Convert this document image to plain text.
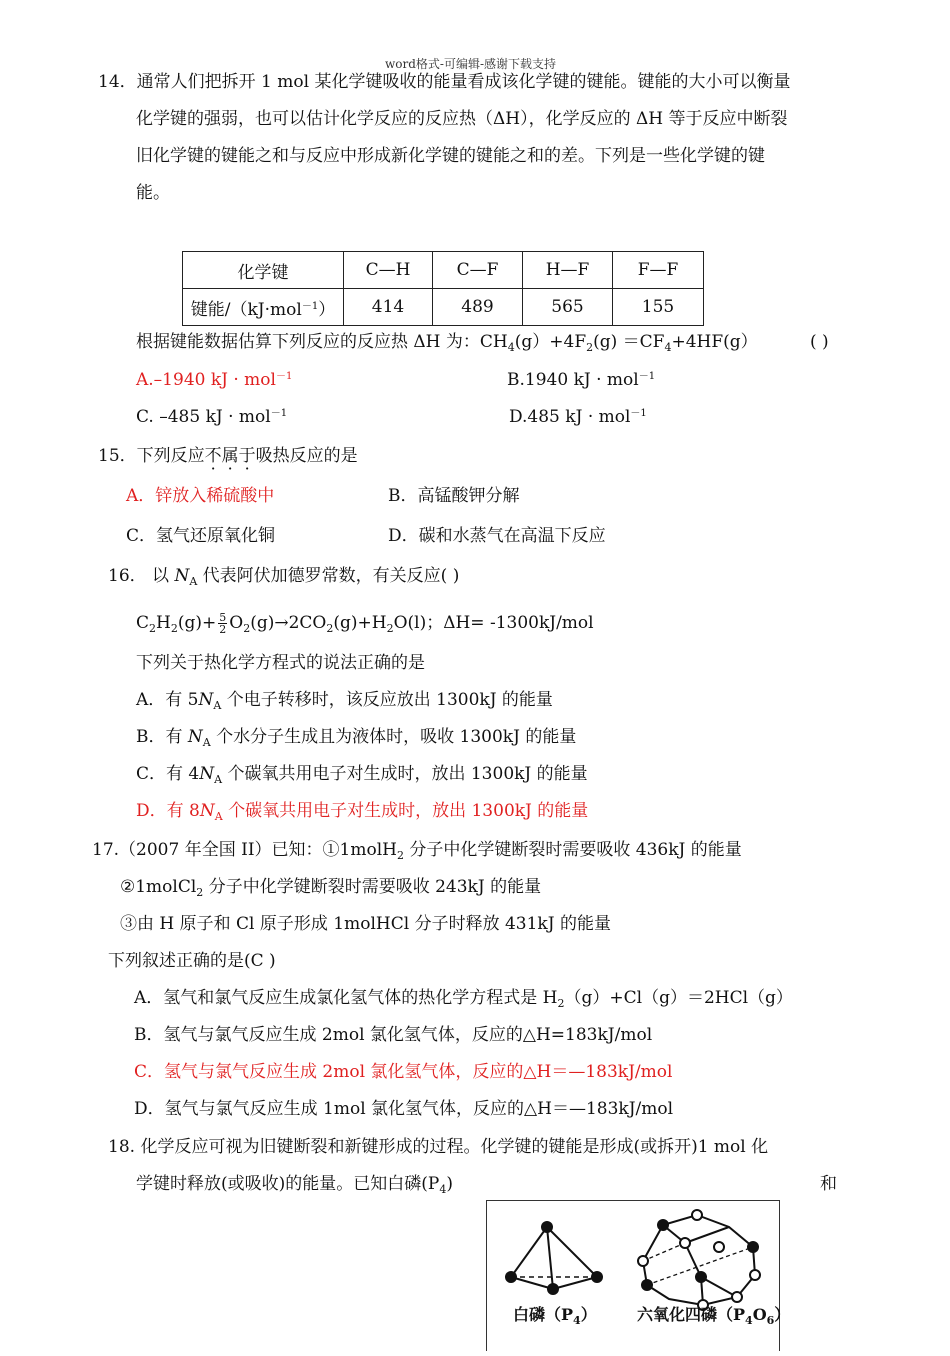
word格式-可编辑-感谢下载支持
14．通常人们把拆开 1 mol 某化学键吸收的能量看成该化学键的键能。键能的大小可以衡量
化学键的强弱，也可以估计化学反应的反应热（ΔH），化学反应的 ΔH 等于反应中断裂
旧化学键的键能之和与反应中形成新化学键的键能之和的差。下列是一些化学键的键
能。
化学键	C—H	C—F	H—F	F—F
键能/（kJ·mol$^{-1}$）	414	489	565	155
根据键能数据估算下列反应的反应热 ΔH 为：$CH_4(g)+4F_2(g) =CF_4+4HF(g)$	( )
A.–1940 kJ · mol$^{-1}$	B.1940 kJ · mol$^{-1}$
C. –485 kJ · mol$^{-1}$	D.485 kJ · mol$^{-1}$
15．下列反应不属于吸热反应的是
A．锌放入稀硫酸中	B．高锰酸钾分解
C．氢气还原氧化铜	D．碳和水蒸气在高温下反应
16． 以 $N_A$ 代表阿伏加德罗常数，有关反应( )
$C_2H_2(g)+ \frac{5}{2} O_2(g)\to 2CO_2(g)+H_2O(l)$；ΔH= -1300kJ/mol
下列关于热化学方程式的说法正确的是
A．有 $5N_A$ 个电子转移时，该反应放出 1300kJ 的能量
B．有 $N_A$ 个水分子生成且为液体时，吸收 1300kJ 的能量
C．有 $4N_A$ 个碳氧共用电子对生成时，放出 1300kJ 的能量
D．有 $8N_A$ 个碳氧共用电子对生成时，放出 1300kJ 的能量
17.（2007 年全国 II）已知：①1molH$_2$ 分子中化学键断裂时需要吸收 436kJ 的能量
②1molCl$_2$ 分子中化学键断裂时需要吸收 243kJ 的能量
③由 H 原子和 Cl 原子形成 1molHCl 分子时释放 431kJ 的能量
下列叙述正确的是(C )
A．氢气和氯气反应生成氯化氢气体的热化学方程式是 $H_2(g)+Cl(g)=2HCl(g)$
B．氢气与氯气反应生成 2mol 氯化氢气体，反应的△H=183kJ/mol
C．氢气与氯气反应生成 2mol 氯化氢气体，反应的△H＝—183kJ/mol
D．氢气与氯气反应生成 1mol 氯化氢气体，反应的△H＝—183kJ/mol
18. 化学反应可视为旧键断裂和新键形成的过程。化学键的键能是形成(或拆开)1 mol 化
学键时释放(或吸收)的能量。已知白磷$(P_4)$	和
白磷$(P_4)$	六氧化四磷$(P_4O_6)$
